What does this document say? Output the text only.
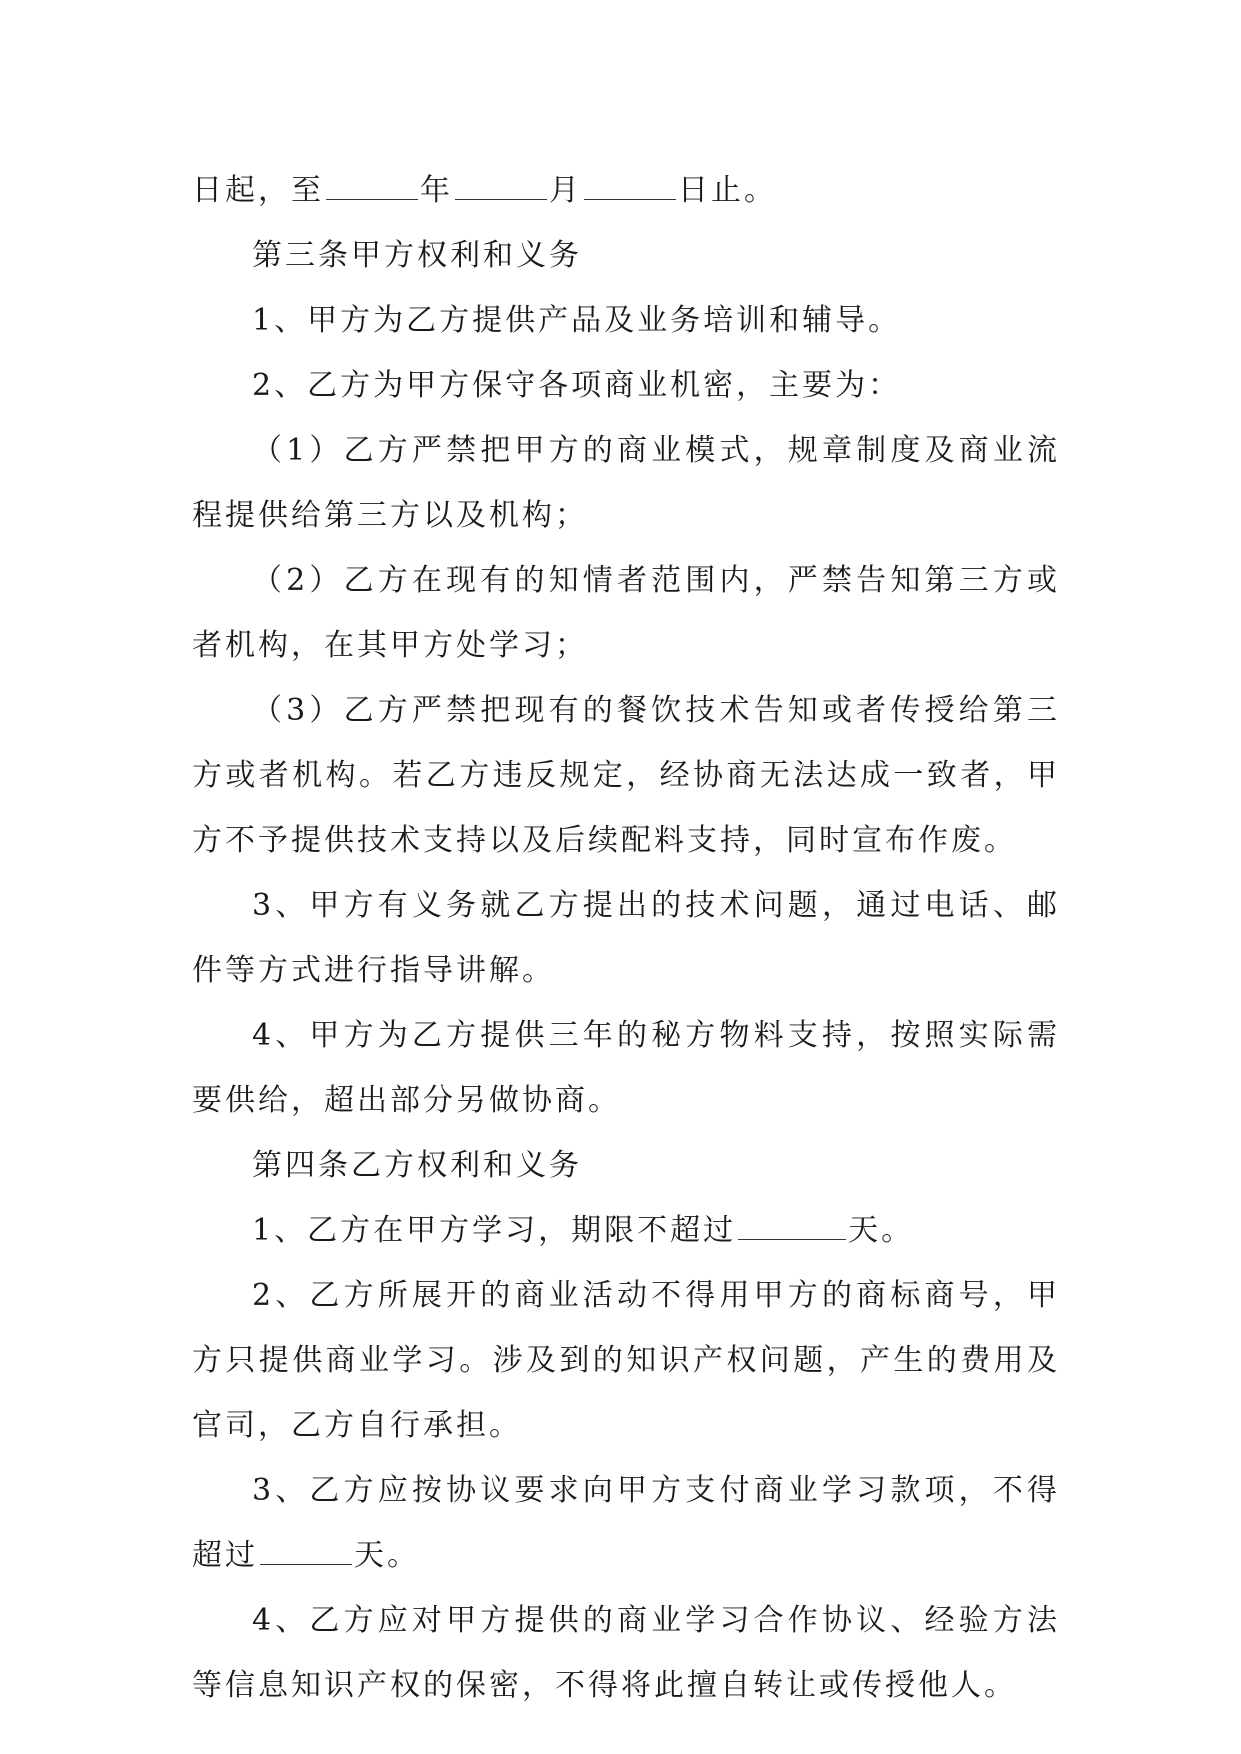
日起，至	年	月	日止。

第三条甲方权利和义务

1、甲方为乙方提供产品及业务培训和辅导。

2、乙方为甲方保守各项商业机密，主要为：

（1）乙方严禁把甲方的商业模式，规章制度及商业流程提供给第三方以及机构；

（2）乙方在现有的知情者范围内，严禁告知第三方或者机构，在其甲方处学习；

（3）乙方严禁把现有的餐饮技术告知或者传授给第三方或者机构。若乙方违反规定，经协商无法达成一致者，甲方不予提供技术支持以及后续配料支持，同时宣布作废。

3、甲方有义务就乙方提出的技术问题，通过电话、邮件等方式进行指导讲解。

4、甲方为乙方提供三年的秘方物料支持，按照实际需要供给，超出部分另做协商。

第四条乙方权利和义务

1、乙方在甲方学习，期限不超过	天。

2、乙方所展开的商业活动不得用甲方的商标商号，甲方只提供商业学习。涉及到的知识产权问题，产生的费用及官司，乙方自行承担。

3、乙方应按协议要求向甲方支付商业学习款项，不得超过	天。

4、乙方应对甲方提供的商业学习合作协议、经验方法等信息知识产权的保密，不得将此擅自转让或传授他人。
